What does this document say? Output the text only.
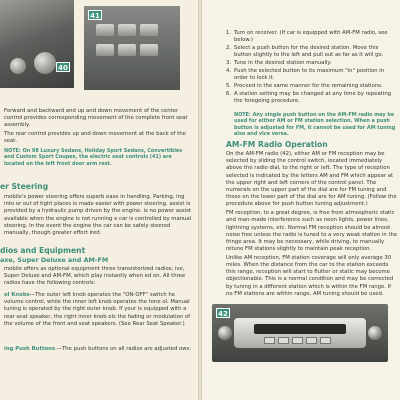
40
41

Forward and backward and up and down movement of the center control provides corresponding movement of the complete front seat assembly.

The rear control provides up and down movement at the back of the seat.

NOTE: On 98 Luxury Sedans, Holiday Sport Sedans, Convertibles and Custom Sport Coupes, the electric seat controls (41) are located on the left front door arm rest.
er Steering
mobile's power steering offers superb ease in handling. Parking, ing into or out of tight places is made easier with power steering. assist is provided by a hydraulic pump driven by the engine. is no power assist available when the engine is not running e car is controlled by manual steering. In the event the engine the car can be safely steered manually, though greater effort ired.
dios and Equipment
axe, Super Deluxe and AM-FM
mobile offers as optional equipment three transistorized radios; ive, Super Deluxe and AM-FM, which play instantly when ed on. All three radios have the following controls:
ol Knobs—The outer left knob operates the "ON-OFF" switch he volume control, while the inner left knob operates the tone ol. Manual tuning is operated by the right outer knob. If your is equipped with a rear seat speaker, the right inner knob ols the fading or modulation of the volume of the front and seat speakers. (See Rear Seat Speaker.)
ing Push Buttons.—The push buttons on all radios are adjusted ows:
1. Turn on receiver. (If car is equipped with AM-FM radio, see below.)
2. Select a push button for the desired station. Move this button slightly to the left and pull out as far as it will go.
3. Tune in the desired station manually.
4. Push the selected button to its maximum "in" position in order to lock it.
5. Proceed in the same manner for the remaining stations.
6. A station setting may be changed at any time by repeating the foregoing procedure.
NOTE: Any single push button on the AM-FM radio may be used for either AM or FM station selection. When a push button is adjusted for FM, it cannot be used for AM tuning also and vice versa.
AM-FM Radio Operation

On the AM-FM radio (42), either AM or FM reception may be selected by sliding the control switch, located immediately above the radio dial, to the right or left. The type of reception selected is indicated by the letters AM and FM which appear at the upper right and left corners of the control panel. The numerals on the upper part of the dial are for FM tuning and those on the lower part of the dial are for AM tuning. (Follow the procedure above for push button tuning adjustment.)

FM reception, to a great degree, is free from atmospheric static and man-made interference such as neon lights, power lines, lightning systems, etc. Normal FM reception should be almost noise free unless the radio is tuned to a very weak station in the fringe area. It may be necessary, while driving, to manually retune FM stations slightly to maintain peak reception.

Unlike AM reception, FM station coverage will only average 30 miles. When the distance from the car to the station exceeds this range, reception will start to flutter or static may become objectionable. This is a normal condition and may be corrected by tuning in a different station which is within the FM range. If no FM stations are within range, AM tuning should be used.

42
